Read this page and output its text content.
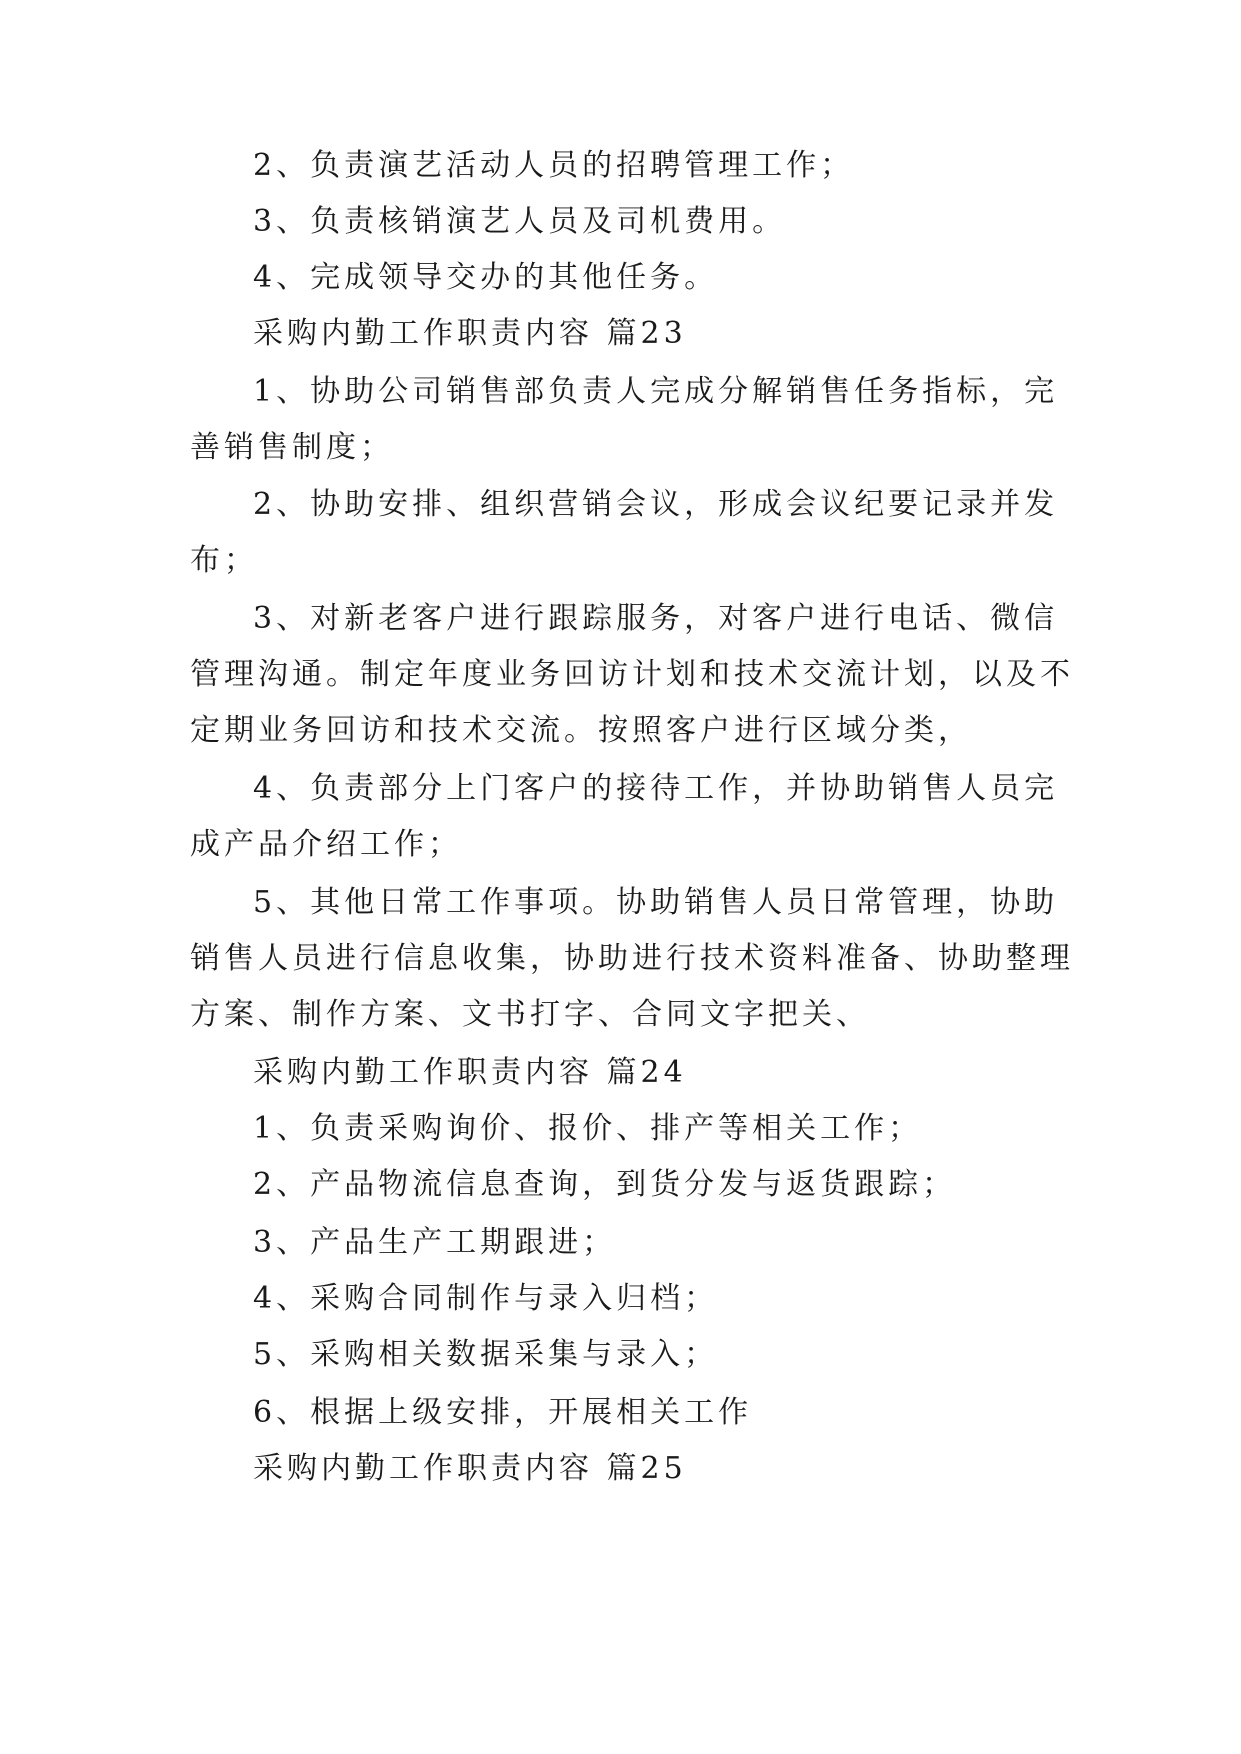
2、负责演艺活动人员的招聘管理工作；
3、负责核销演艺人员及司机费用。
4、完成领导交办的其他任务。
采购内勤工作职责内容 篇23
1、协助公司销售部负责人完成分解销售任务指标，完
善销售制度；
2、协助安排、组织营销会议，形成会议纪要记录并发
布；
3、对新老客户进行跟踪服务，对客户进行电话、微信
管理沟通。制定年度业务回访计划和技术交流计划，以及不
定期业务回访和技术交流。按照客户进行区域分类，
4、负责部分上门客户的接待工作，并协助销售人员完
成产品介绍工作；
5、其他日常工作事项。协助销售人员日常管理，协助
销售人员进行信息收集，协助进行技术资料准备、协助整理
方案、制作方案、文书打字、合同文字把关、
采购内勤工作职责内容 篇24
1、负责采购询价、报价、排产等相关工作；
2、产品物流信息查询，到货分发与返货跟踪；
3、产品生产工期跟进；
4、采购合同制作与录入归档；
5、采购相关数据采集与录入；
6、根据上级安排，开展相关工作
采购内勤工作职责内容 篇25
